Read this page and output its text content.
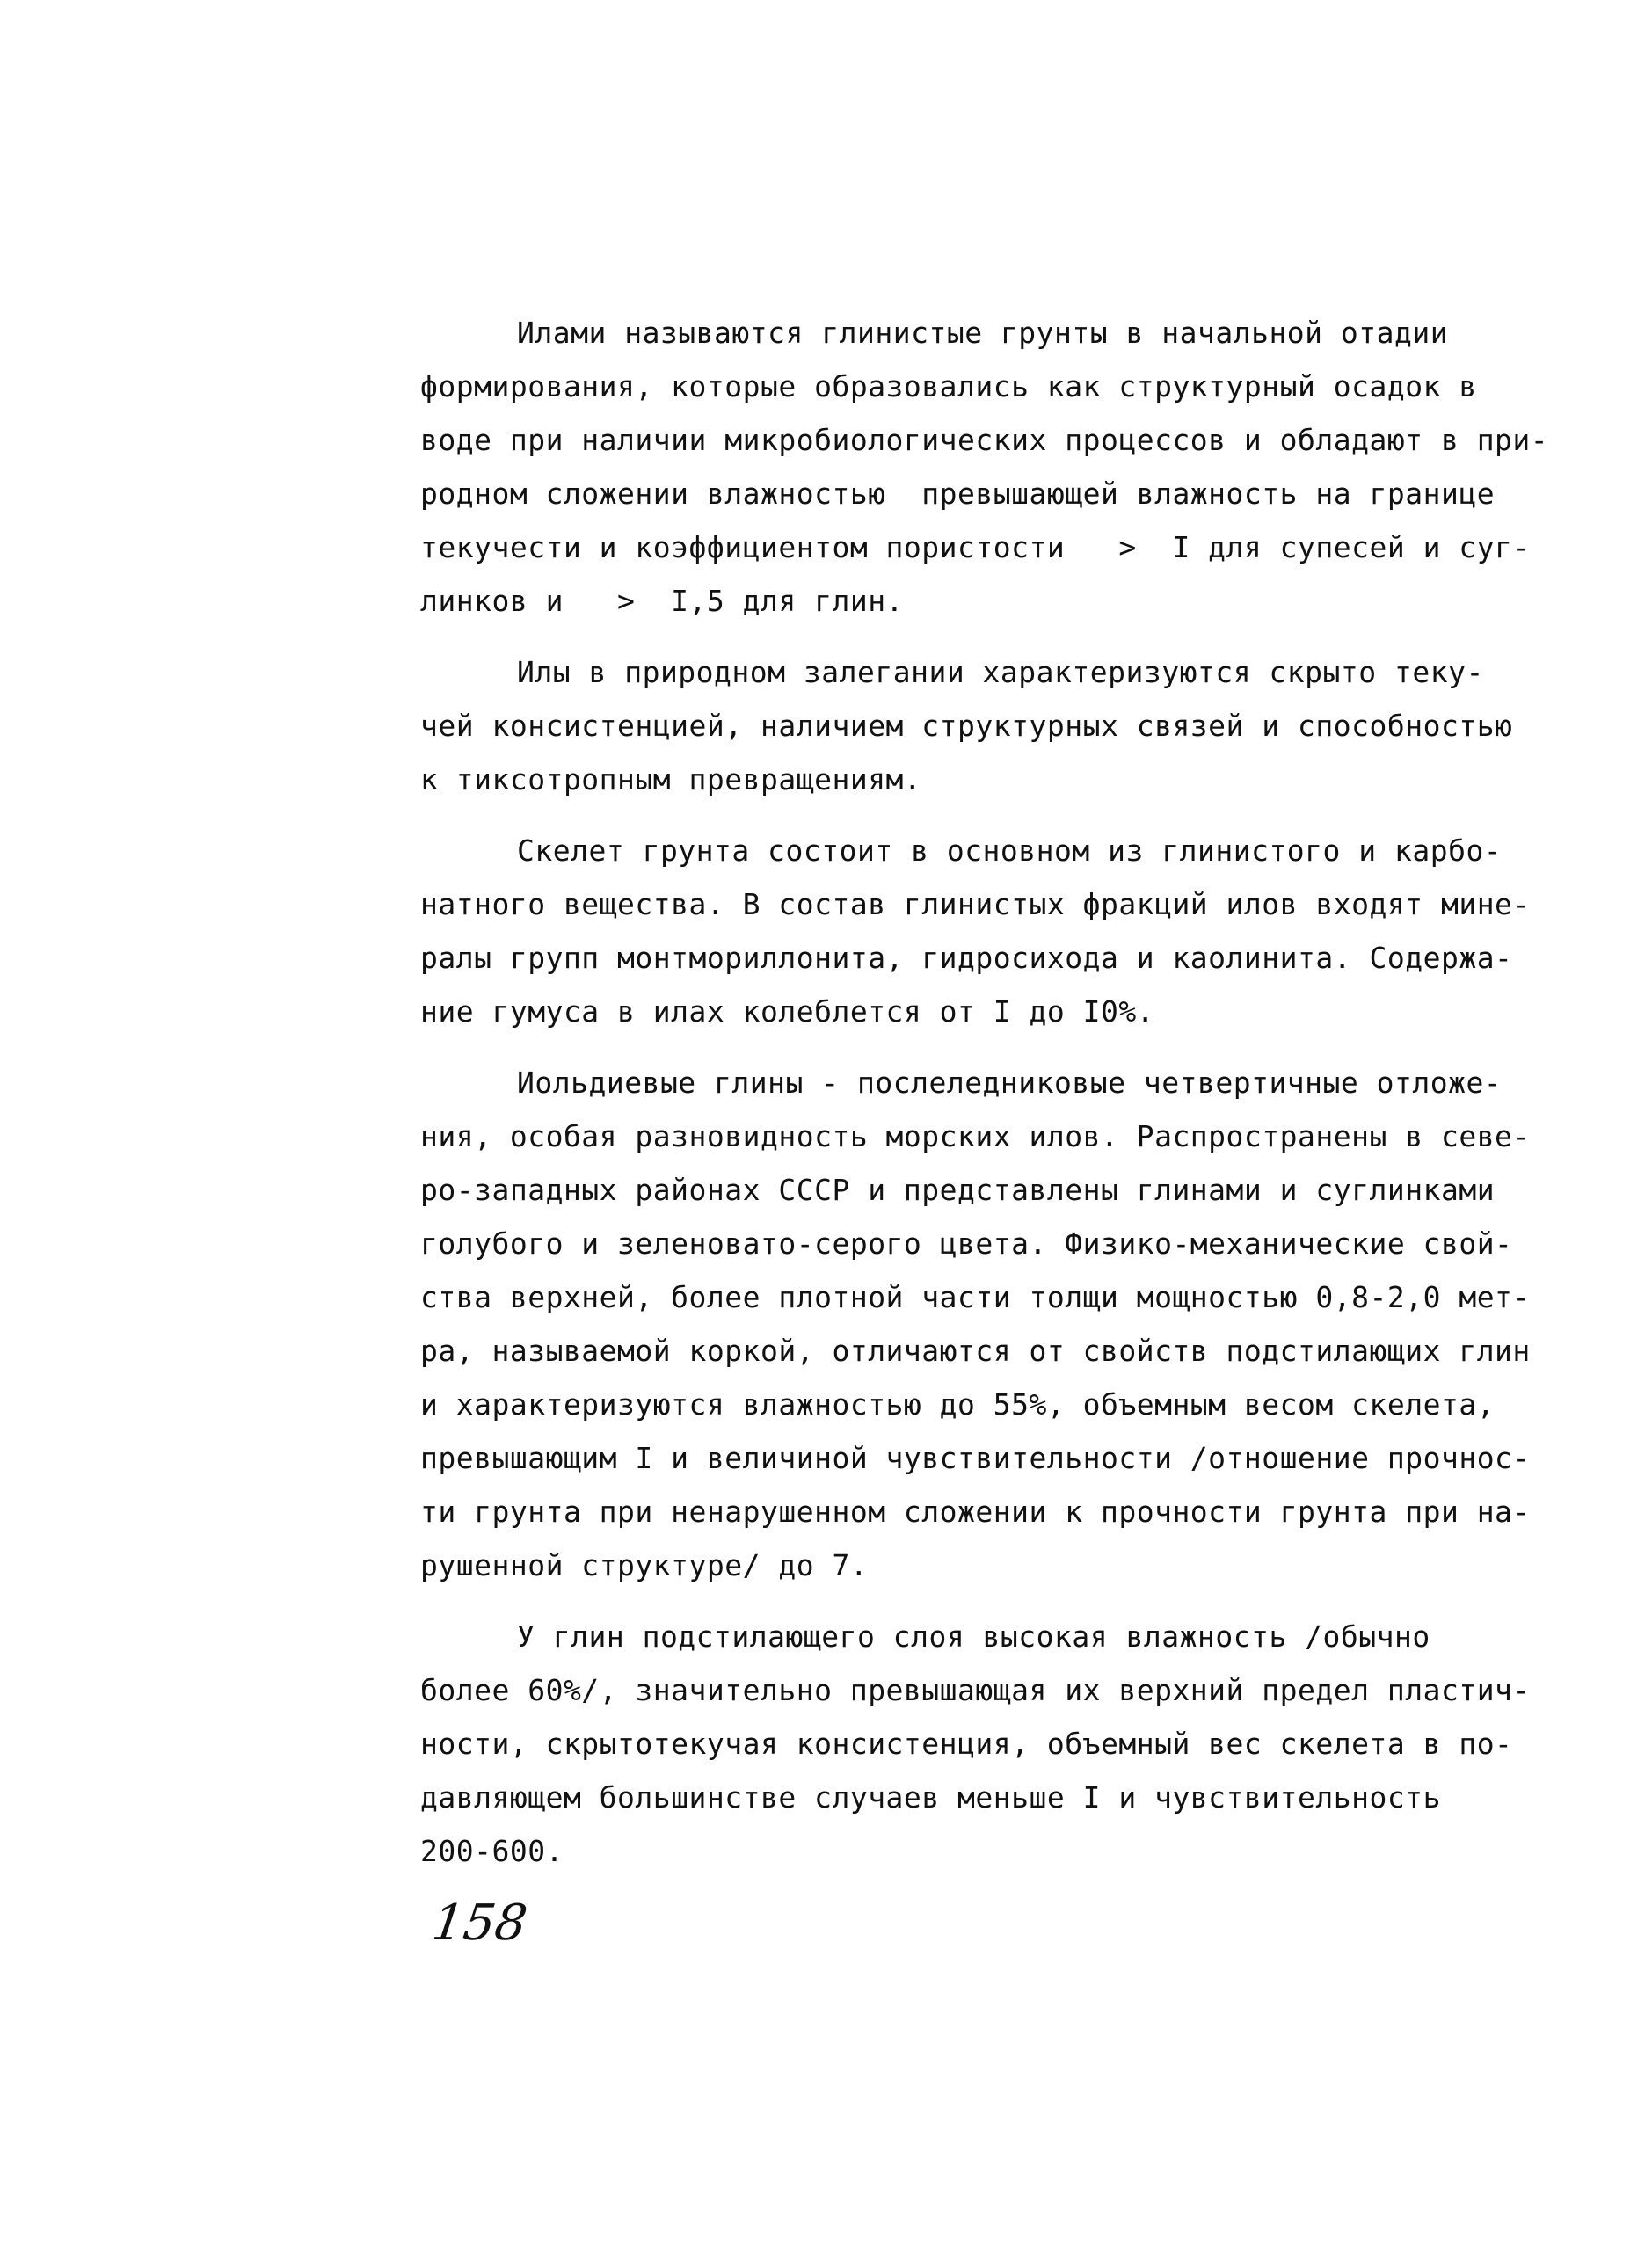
Илами называются глинистые грунты в начальной отадии
формирования, которые образовались как структурный осадок в
воде при наличии микробиологических процессов и обладают в при-
родном сложении влажностью  превышающей влажность на границе
текучести и коэффициентом пористости   >  I для супесей и суг-
линков и   >  I,5 для глин.
Илы в природном залегании характеризуются скрыто теку-
чей консистенцией, наличием структурных связей и способностью
к тиксотропным превращениям.
Скелет грунта состоит в основном из глинистого и карбо-
натного вещества. В состав глинистых фракций илов входят мине-
ралы групп монтмориллонита, гидросихода и каолинита. Содержа-
ние гумуса в илах колеблется от I до I0%.
Иольдиевые глины - послеледниковые четвертичные отложе-
ния, особая разновидность морских илов. Распространены в севе-
ро-западных районах СССР и представлены глинами и суглинками
голубого и зеленовато-серого цвета. Физико-механические свой-
ства верхней, более плотной части толщи мощностью 0,8-2,0 мет-
ра, называемой коркой, отличаются от свойств подстилающих глин
и характеризуются влажностью до 55%, объемным весом скелета,
превышающим I и величиной чувствительности /отношение прочнос-
ти грунта при ненарушенном сложении к прочности грунта при на-
рушенной структуре/ до 7.
У глин подстилающего слоя высокая влажность /обычно
более 60%/, значительно превышающая их верхний предел пластич-
ности, скрытотекучая консистенция, объемный вес скелета в по-
давляющем большинстве случаев меньше I и чувствительность
200-600.
158
